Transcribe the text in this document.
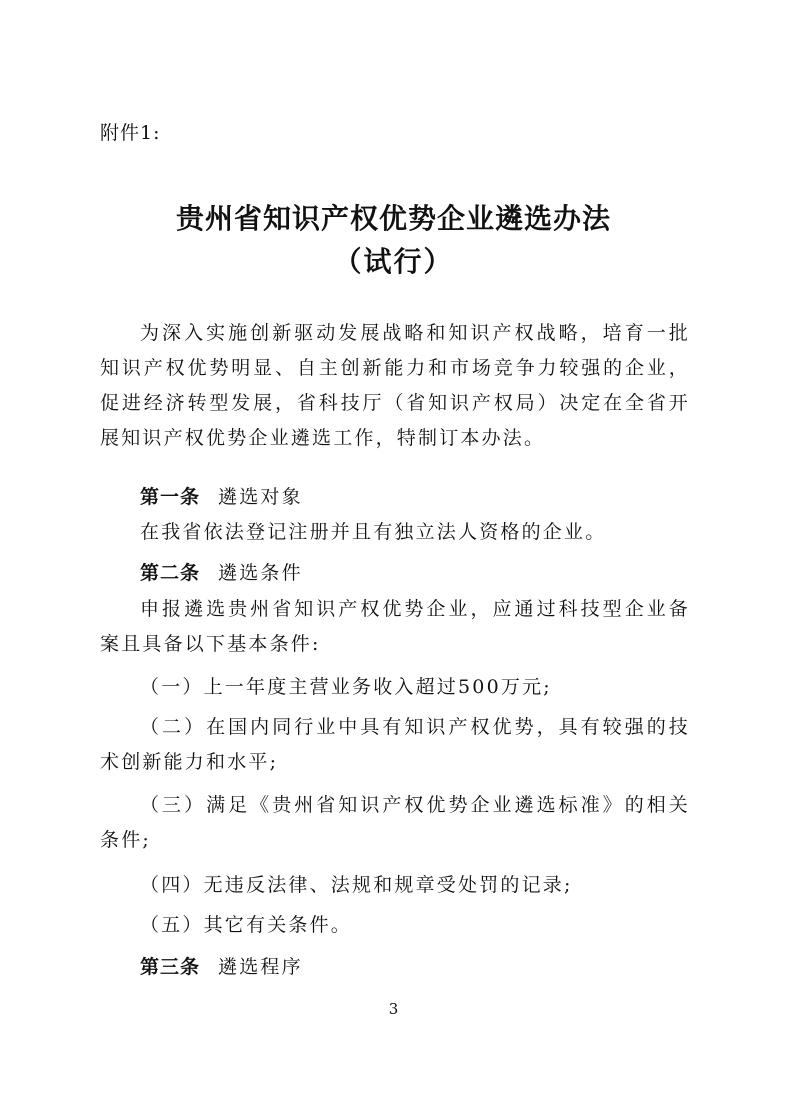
附件1:
贵州省知识产权优势企业遴选办法
（试行）
为深入实施创新驱动发展战略和知识产权战略，培育一批知识产权优势明显、自主创新能力和市场竞争力较强的企业，促进经济转型发展，省科技厅（省知识产权局）决定在全省开展知识产权优势企业遴选工作，特制订本办法。
第一条 遴选对象
在我省依法登记注册并且有独立法人资格的企业。
第二条 遴选条件
申报遴选贵州省知识产权优势企业，应通过科技型企业备案且具备以下基本条件:
（一）上一年度主营业务收入超过500万元;
（二）在国内同行业中具有知识产权优势，具有较强的技术创新能力和水平;
（三）满足《贵州省知识产权优势企业遴选标准》的相关条件;
（四）无违反法律、法规和规章受处罚的记录;
（五）其它有关条件。
第三条 遴选程序
3
